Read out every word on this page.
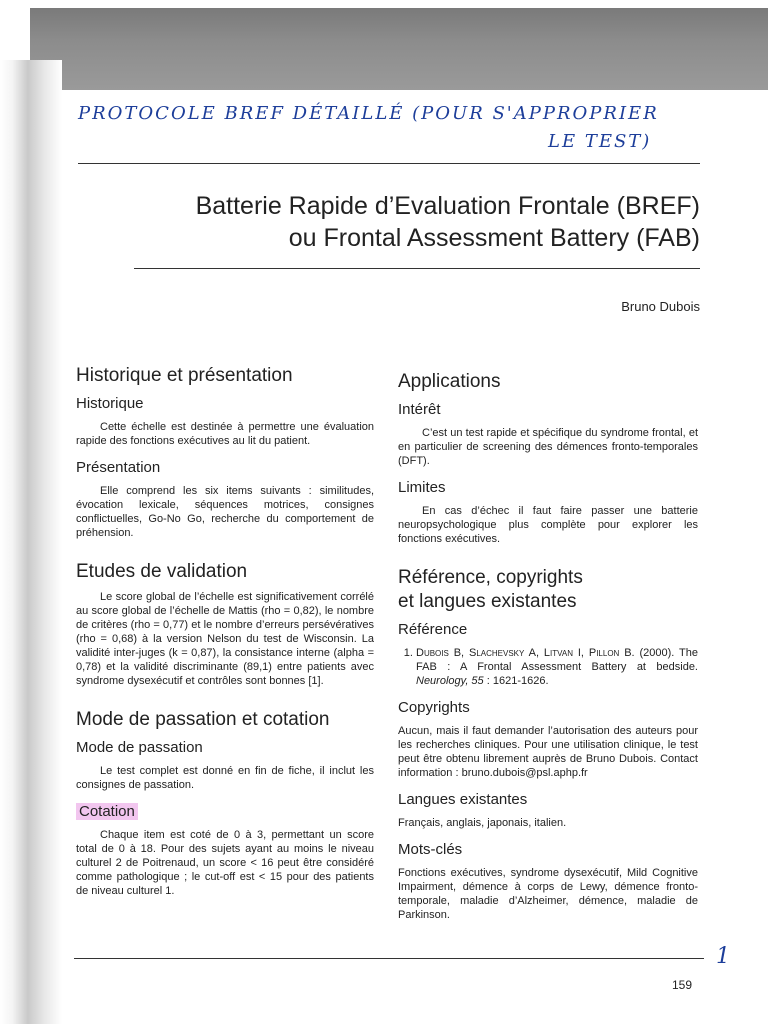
PROTOCOLE BREF DÉTAILLÉ (POUR S'APPROPRIER
LE TEST)

Batterie Rapide d’Evaluation Frontale (BREF)
ou Frontal Assessment Battery (FAB)

Bruno Dubois

Historique et présentation
Historique

Cette échelle est destinée à permettre une évaluation rapide des fonctions exécutives au lit du patient.

Présentation

Elle comprend les six items suivants : similitudes, évocation lexicale, séquences motrices, consignes conflictuelles, Go-No Go, recherche du comportement de préhension.

Etudes de validation

Le score global de l’échelle est significativement corrélé au score global de l’échelle de Mattis (rho = 0,82), le nombre de critères (rho = 0,77) et le nombre d’erreurs persévératives (rho = 0,68) à la version Nelson du test de Wisconsin. La validité inter-juges (k = 0,87), la consistance interne (alpha = 0,78) et la validité discriminante (89,1) entre patients avec syndrome dysexécutif et contrôles sont bonnes [1].

Mode de passation et cotation
Mode de passation

Le test complet est donné en fin de fiche, il inclut les consignes de passation.

Cotation

Chaque item est coté de 0 à 3, permettant un score total de 0 à 18. Pour des sujets ayant au moins le niveau culturel 2 de Poitrenaud, un score < 16 peut être considéré comme pathologique ; le cut-off est < 15 pour des patients de niveau culturel 1.

Applications
Intérêt

C’est un test rapide et spécifique du syndrome frontal, et en particulier de screening des démences fronto-temporales (DFT).

Limites

En cas d’échec il faut faire passer une batterie neuropsychologique plus complète pour explorer les fonctions exécutives.

Référence, copyrights
et langues existantes
Référence
1. Dubois B, Slachevsky A, Litvan I, Pillon B. (2000). The FAB : A Frontal Assessment Battery at bedside. Neurology, 55 : 1621-1626.
Copyrights

Aucun, mais il faut demander l’autorisation des auteurs pour les recherches cliniques. Pour une utilisation clinique, le test peut être obtenu librement auprès de Bruno Dubois. Contact information : bruno.dubois@psl.aphp.fr

Langues existantes

Français, anglais, japonais, italien.

Mots-clés

Fonctions exécutives, syndrome dysexécutif, Mild Cognitive Impairment, démence à corps de Lewy, démence fronto-temporale, maladie d’Alzheimer, démence, maladie de Parkinson.

1

159
